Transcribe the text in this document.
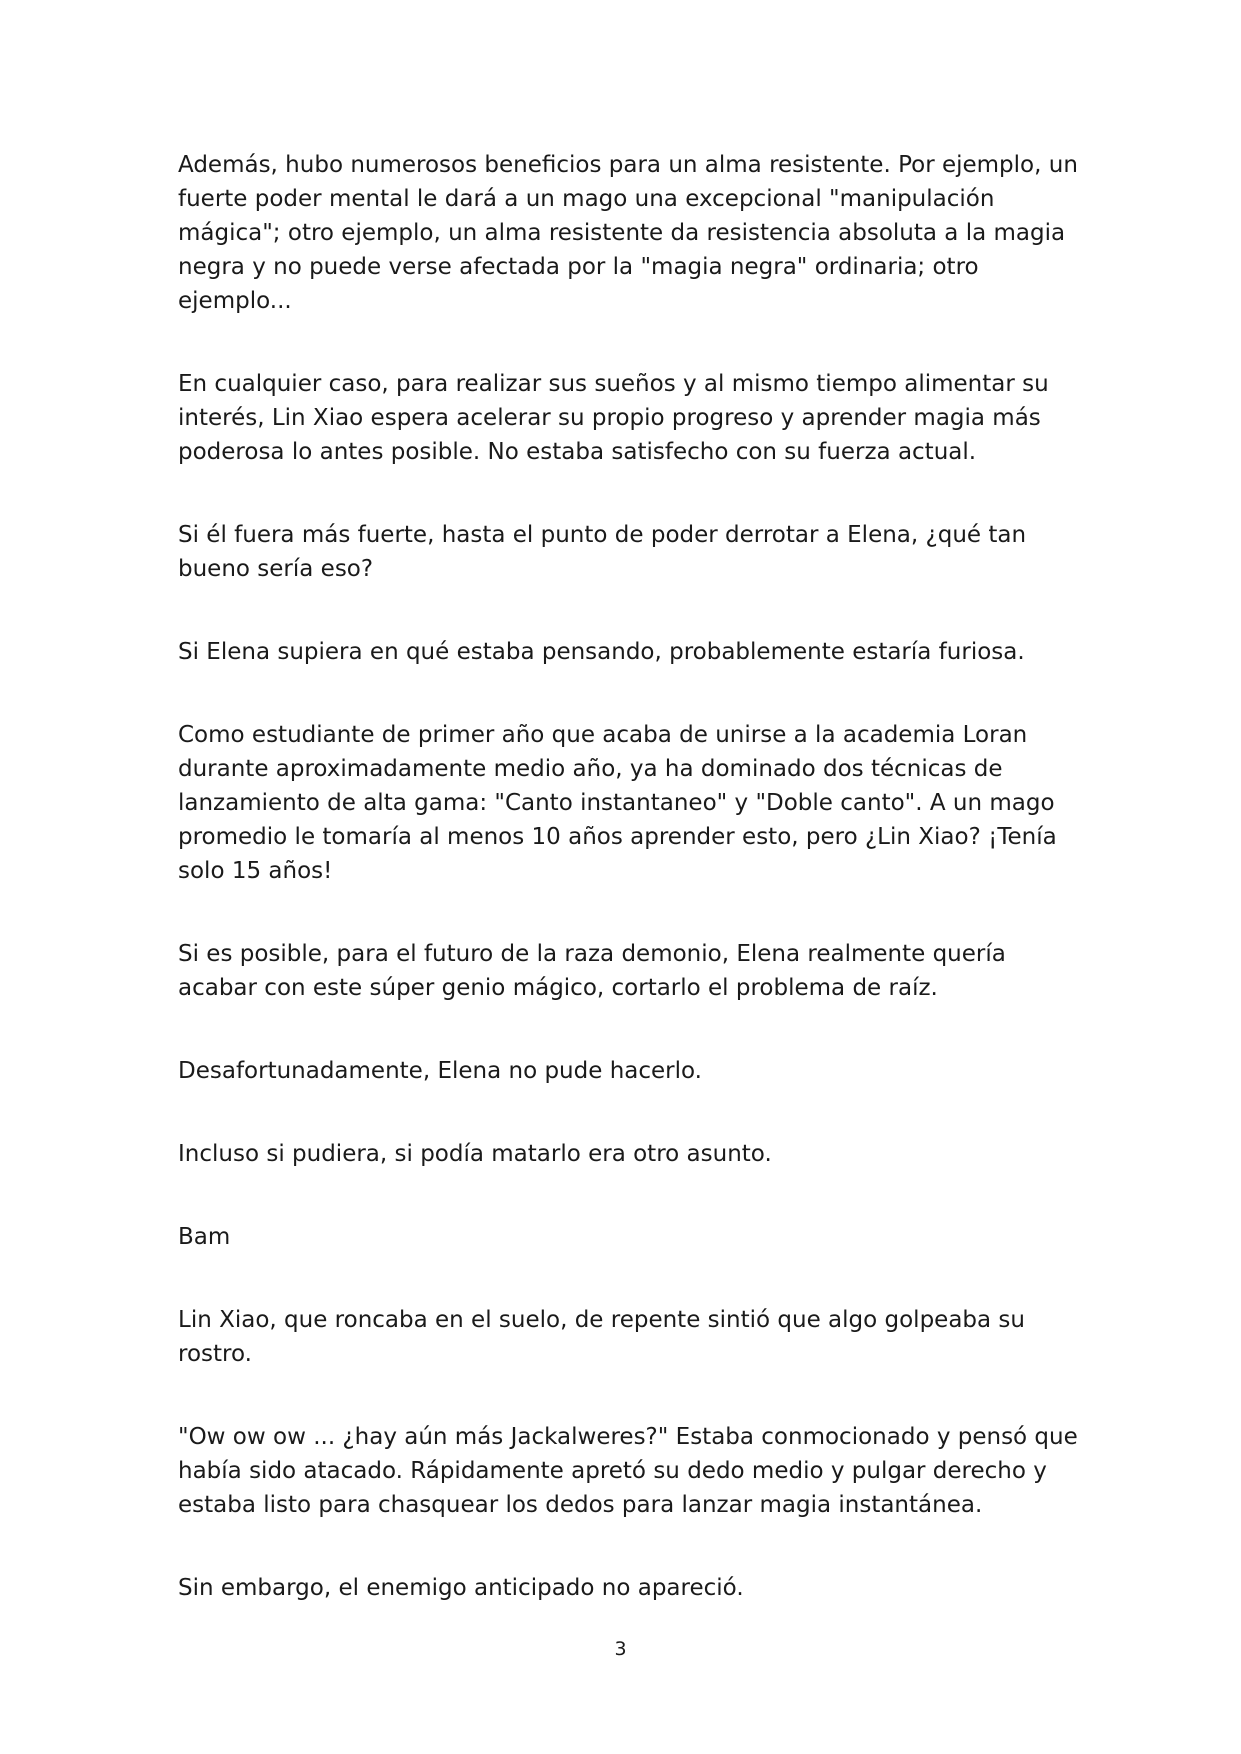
Además, hubo numerosos beneficios para un alma resistente. Por ejemplo, un fuerte poder mental le dará a un mago una excepcional "manipulación mágica"; otro ejemplo, un alma resistente da resistencia absoluta a la magia negra y no puede verse afectada por la "magia negra" ordinaria; otro ejemplo...

En cualquier caso, para realizar sus sueños y al mismo tiempo alimentar su interés, Lin Xiao espera acelerar su propio progreso y aprender magia más poderosa lo antes posible. No estaba satisfecho con su fuerza actual.

Si él fuera más fuerte, hasta el punto de poder derrotar a Elena, ¿qué tan bueno sería eso?

Si Elena supiera en qué estaba pensando, probablemente estaría furiosa.

Como estudiante de primer año que acaba de unirse a la academia Loran durante aproximadamente medio año, ya ha dominado dos técnicas de lanzamiento de alta gama: "Canto instantaneo" y "Doble canto". A un mago promedio le tomaría al menos 10 años aprender esto, pero ¿Lin Xiao? ¡Tenía solo 15 años!

Si es posible, para el futuro de la raza demonio, Elena realmente quería acabar con este súper genio mágico, cortarlo el problema de raíz.

Desafortunadamente, Elena no pude hacerlo.

Incluso si pudiera, si podía matarlo era otro asunto.

Bam

Lin Xiao, que roncaba en el suelo, de repente sintió que algo golpeaba su rostro.

"Ow ow ow ... ¿hay aún más Jackalweres?" Estaba conmocionado y pensó que había sido atacado. Rápidamente apretó su dedo medio y pulgar derecho y estaba listo para chasquear los dedos para lanzar magia instantánea.

Sin embargo, el enemigo anticipado no apareció.

3
